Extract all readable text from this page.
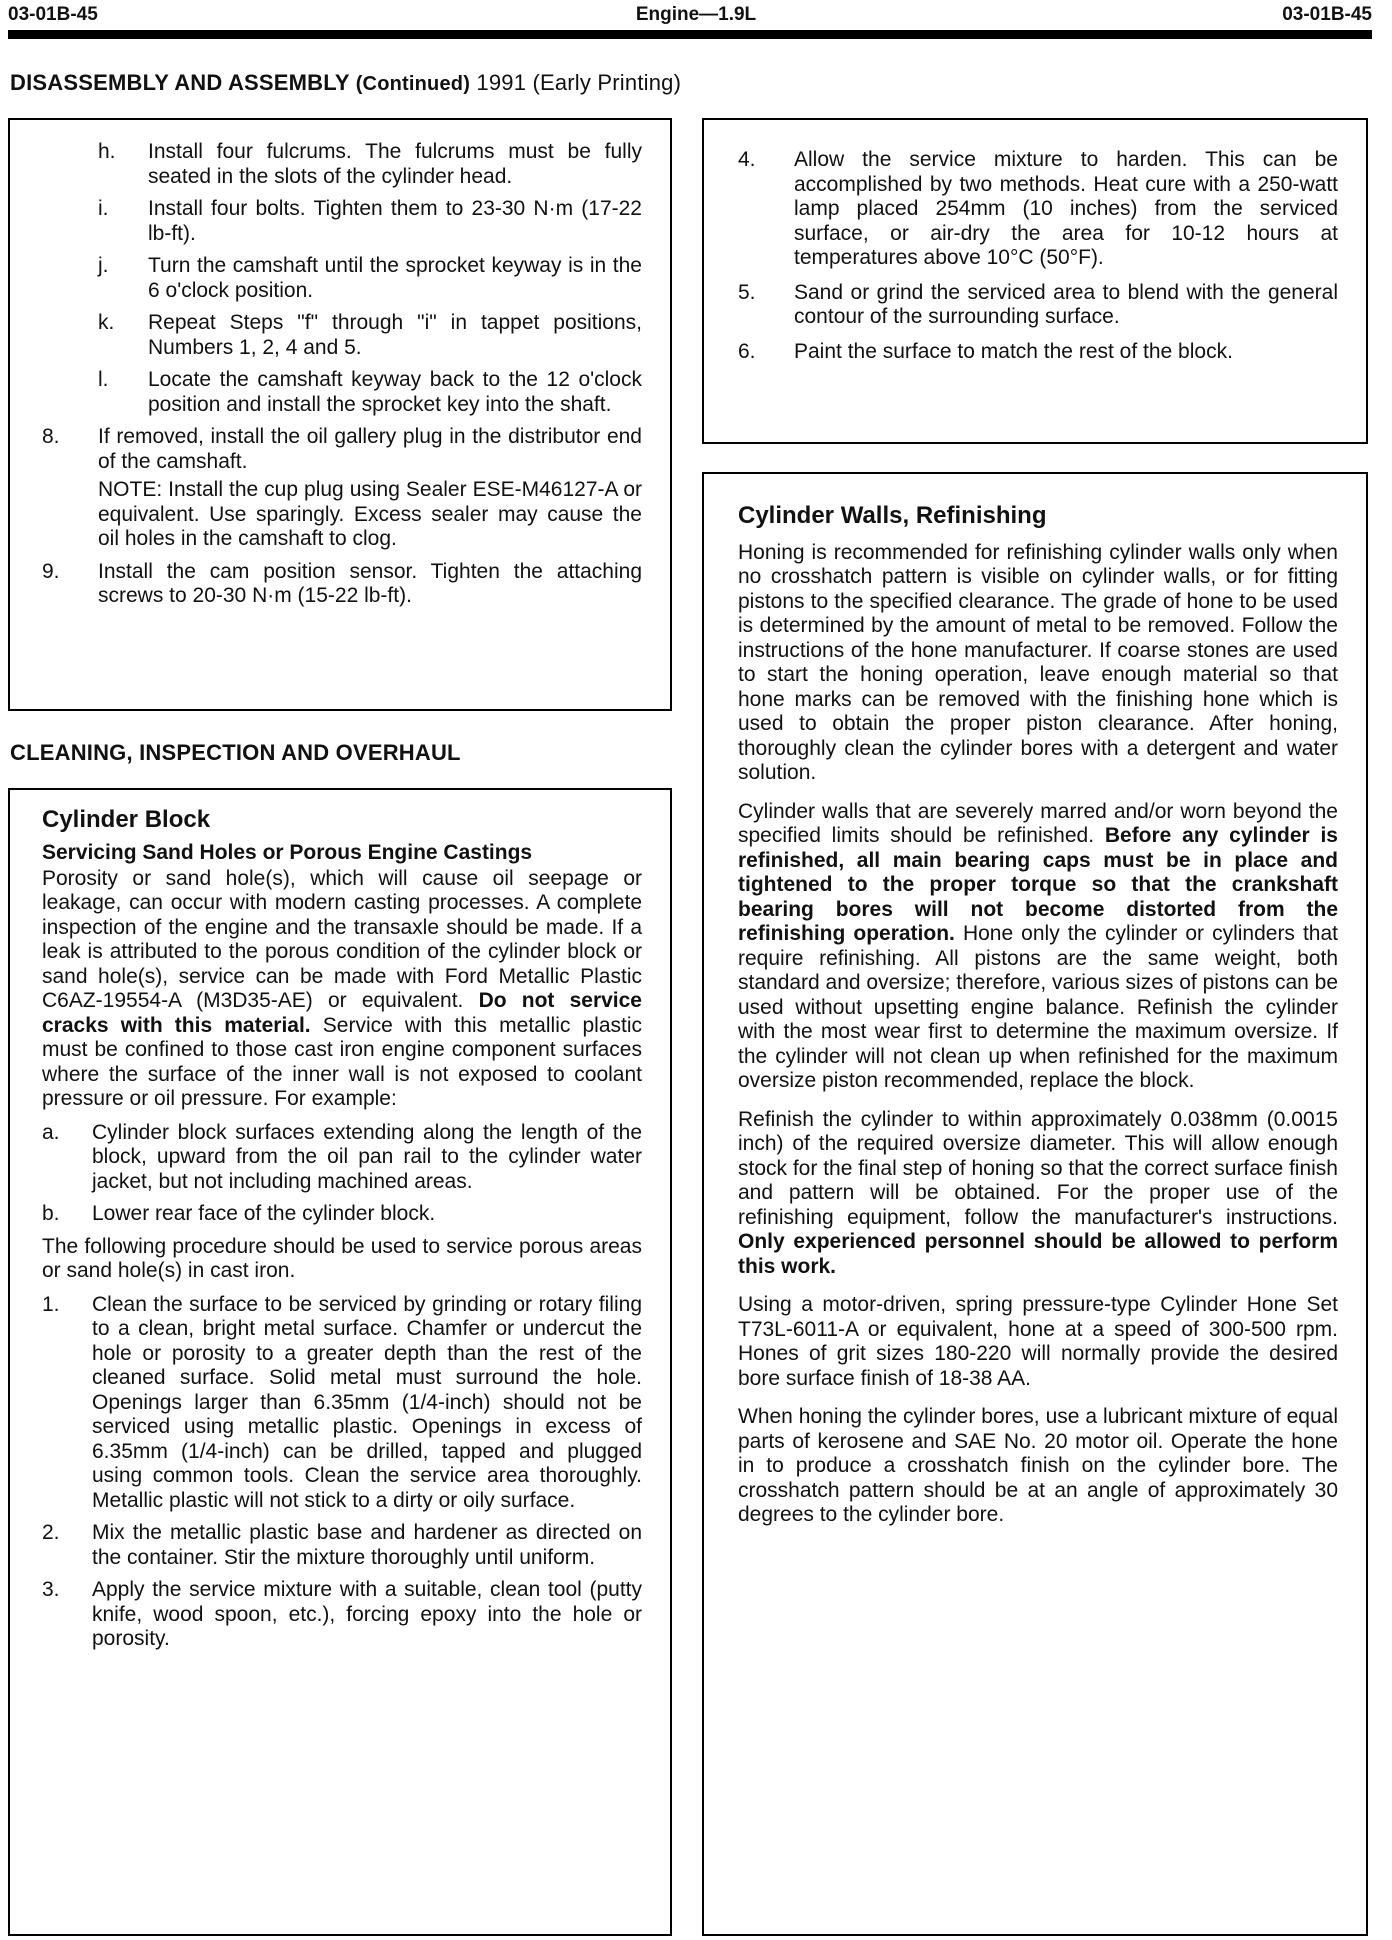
03-01B-45	Engine—1.9L	03-01B-45
DISASSEMBLY AND ASSEMBLY (Continued) 1991 (Early Printing)
h.	Install four fulcrums. The fulcrums must be fully seated in the slots of the cylinder head.
i.	Install four bolts. Tighten them to 23-30 N·m (17-22 lb-ft).
j.	Turn the camshaft until the sprocket keyway is in the 6 o'clock position.
k.	Repeat Steps "f" through "i" in tappet positions, Numbers 1, 2, 4 and 5.
l.	Locate the camshaft keyway back to the 12 o'clock position and install the sprocket key into the shaft.
8.	If removed, install the oil gallery plug in the distributor end of the camshaft.
NOTE: Install the cup plug using Sealer ESE-M46127-A or equivalent. Use sparingly. Excess sealer may cause the oil holes in the camshaft to clog.
9.	Install the cam position sensor. Tighten the attaching screws to 20-30 N·m (15-22 lb-ft).
4.	Allow the service mixture to harden. This can be accomplished by two methods. Heat cure with a 250-watt lamp placed 254mm (10 inches) from the serviced surface, or air-dry the area for 10-12 hours at temperatures above 10°C (50°F).
5.	Sand or grind the serviced area to blend with the general contour of the surrounding surface.
6.	Paint the surface to match the rest of the block.
CLEANING, INSPECTION AND OVERHAUL
Cylinder Block
Servicing Sand Holes or Porous Engine Castings

Porosity or sand hole(s), which will cause oil seepage or leakage, can occur with modern casting processes. A complete inspection of the engine and the transaxle should be made. If a leak is attributed to the porous condition of the cylinder block or sand hole(s), service can be made with Ford Metallic Plastic C6AZ-19554-A (M3D35-AE) or equivalent. Do not service cracks with this material. Service with this metallic plastic must be confined to those cast iron engine component surfaces where the surface of the inner wall is not exposed to coolant pressure or oil pressure. For example:

a.	Cylinder block surfaces extending along the length of the block, upward from the oil pan rail to the cylinder water jacket, but not including machined areas.
b.	Lower rear face of the cylinder block.

The following procedure should be used to service porous areas or sand hole(s) in cast iron.

1.	Clean the surface to be serviced by grinding or rotary filing to a clean, bright metal surface. Chamfer or undercut the hole or porosity to a greater depth than the rest of the cleaned surface. Solid metal must surround the hole. Openings larger than 6.35mm (1/4-inch) should not be serviced using metallic plastic. Openings in excess of 6.35mm (1/4-inch) can be drilled, tapped and plugged using common tools. Clean the service area thoroughly. Metallic plastic will not stick to a dirty or oily surface.
2.	Mix the metallic plastic base and hardener as directed on the container. Stir the mixture thoroughly until uniform.
3.	Apply the service mixture with a suitable, clean tool (putty knife, wood spoon, etc.), forcing epoxy into the hole or porosity.
Cylinder Walls, Refinishing

Honing is recommended for refinishing cylinder walls only when no crosshatch pattern is visible on cylinder walls, or for fitting pistons to the specified clearance. The grade of hone to be used is determined by the amount of metal to be removed. Follow the instructions of the hone manufacturer. If coarse stones are used to start the honing operation, leave enough material so that hone marks can be removed with the finishing hone which is used to obtain the proper piston clearance. After honing, thoroughly clean the cylinder bores with a detergent and water solution.

Cylinder walls that are severely marred and/or worn beyond the specified limits should be refinished. Before any cylinder is refinished, all main bearing caps must be in place and tightened to the proper torque so that the crankshaft bearing bores will not become distorted from the refinishing operation. Hone only the cylinder or cylinders that require refinishing. All pistons are the same weight, both standard and oversize; therefore, various sizes of pistons can be used without upsetting engine balance. Refinish the cylinder with the most wear first to determine the maximum oversize. If the cylinder will not clean up when refinished for the maximum oversize piston recommended, replace the block.

Refinish the cylinder to within approximately 0.038mm (0.0015 inch) of the required oversize diameter. This will allow enough stock for the final step of honing so that the correct surface finish and pattern will be obtained. For the proper use of the refinishing equipment, follow the manufacturer's instructions. Only experienced personnel should be allowed to perform this work.

Using a motor-driven, spring pressure-type Cylinder Hone Set T73L-6011-A or equivalent, hone at a speed of 300-500 rpm. Hones of grit sizes 180-220 will normally provide the desired bore surface finish of 18-38 AA.

When honing the cylinder bores, use a lubricant mixture of equal parts of kerosene and SAE No. 20 motor oil. Operate the hone in to produce a crosshatch finish on the cylinder bore. The crosshatch pattern should be at an angle of approximately 30 degrees to the cylinder bore.
